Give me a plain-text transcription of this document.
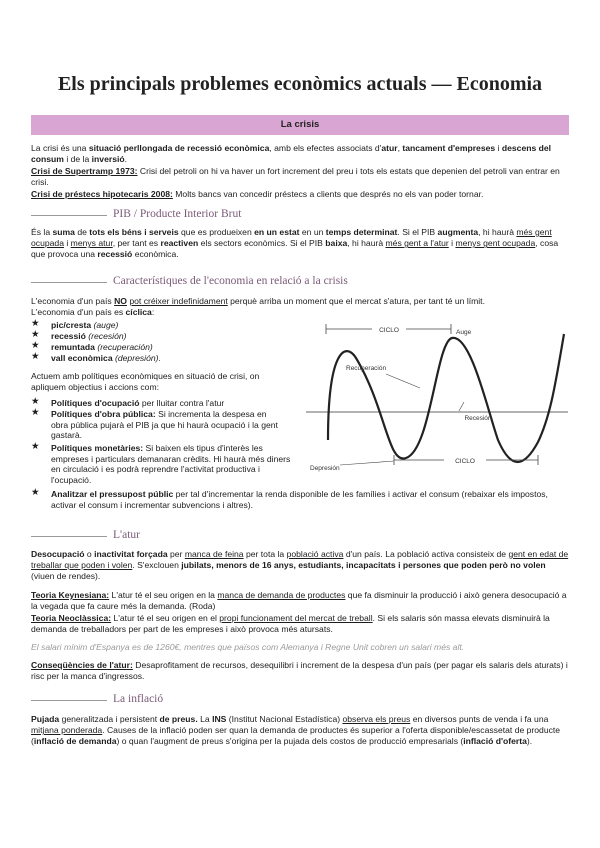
Els principals problemes econòmics actuals — Economia
La crisis

La crisi és una situació perllongada de recessió econòmica, amb els efectes associats d'atur, tancament d'empreses i descens del consum i de la inversió.

Crisi de Supertramp 1973: Crisi del petroli on hi va haver un fort increment del preu i tots els estats que depenien del petroli van entrar en crisi.

Crisi de préstecs hipotecaris 2008: Molts bancs van concedir préstecs a clients que després no els van poder tornar.

PIB / Producte Interior Brut

És la suma de tots els béns i serveis que es produeixen en un estat en un temps determinat. Si el PIB augmenta, hi haurà més gent ocupada i menys atur, per tant es reactiven els sectors econòmics. Si el PIB baixa, hi haurà més gent a l'atur i menys gent ocupada, cosa que provoca una recessió econòmica.

Característiques de l'economia en relació a la crisis

L'economia d'un país NO pot créixer indefinidament perquè arriba un moment que el mercat s'atura, per tant té un límit.

L'economia d'un país es cíclica:

★ pic/cresta (auge)
★ recessió (recesión)
★ remuntada (recuperación)
★ vall econòmica (depresión).

Actuem amb polítiques econòmiques en situació de crisi, on apliquem objectius i accions com:

★ Polítiques d'ocupació per lluitar contra l'atur
★ Polítiques d'obra pública: Si incrementa la despesa en obra pública pujarà el PIB ja que hi haurà ocupació i la gent gastarà.
★ Polítiques monetàries: Si baixen els tipus d'interès les empreses i particulars demanaran crèdits. Hi haurà més diners en circulació i es podrà reprendre l'activitat productiva i l'ocupació.
★ Analitzar el pressupost públic per tal d'incrementar la renda disponible de les famílies i activar el consum (rebaixar els impostos, activar el consum i incrementar subvencions i altres).
CICLO	Auge
Recuperación
Recesión
Depresión
CICLO
L'atur

Desocupació o inactivitat forçada per manca de feina per tota la població activa d'un país. La població activa consisteix de gent en edat de treballar que poden i volen. S'exclouen jubilats, menors de 16 anys, estudiants, incapacitats i persones que poden però no volen (viuen de rendes).

Teoria Keynesiana: L'atur té el seu origen en la manca de demanda de productes que fa disminuir la producció i això genera desocupació a la vegada que fa caure més la demanda. (Roda)

Teoria Neoclàssica: L'atur té el seu origen en el propi funcionament del mercat de treball. Si els salaris són massa elevats disminuirà la demanda de treballadors per part de les empreses i això provoca més atursats.

El salari mínim d'Espanya es de 1260€, mentres que països com Alemanya i Regne Unit cobren un salari més alt.

Conseqüències de l'atur: Desaprofitament de recursos, desequilibri i increment de la despesa d'un país (per pagar els salaris dels aturats) i risc per la manca d'ingressos.

La inflació

Pujada generalitzada i persistent de preus. La INS (Institut Nacional Estadística) observa els preus en diversos punts de venda i fa una mitjana ponderada. Causes de la inflació poden ser quan la demanda de productes és superior a l'oferta disponible/escassetat de producte (inflació de demanda) o quan l'augment de preus s'origina per la pujada dels costos de producció empresarials (inflació d'oferta).
